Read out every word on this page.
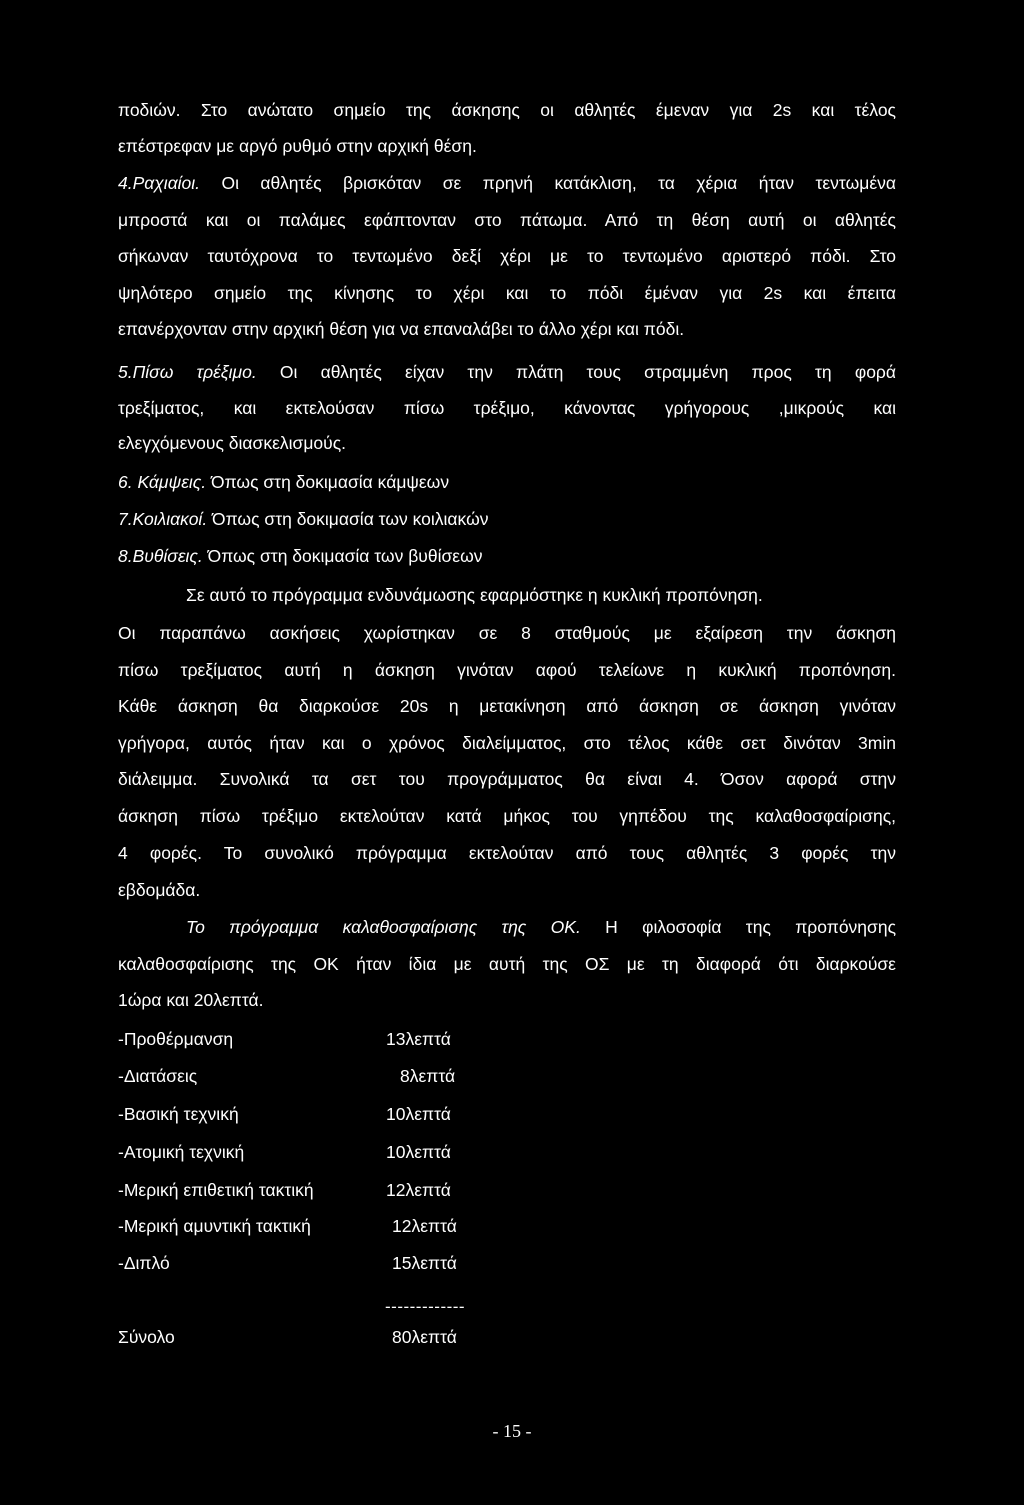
ποδιών. Στο ανώτατο σημείο της άσκησης οι αθλητές έμεναν για 2s και τέλος
επέστρεφαν με αργό ρυθμό στην αρχική θέση.
4.Ραχιαίοι. Οι αθλητές βρισκόταν σε πρηνή κατάκλιση, τα χέρια ήταν τεντωμένα
μπροστά και οι παλάμες εφάπτονταν στο πάτωμα. Από τη θέση αυτή οι αθλητές
σήκωναν ταυτόχρονα το τεντωμένο δεξί χέρι με το τεντωμένο αριστερό πόδι. Στο
ψηλότερο σημείο της κίνησης το χέρι και το πόδι έμέναν για 2s και έπειτα
επανέρχονταν στην αρχική θέση για να επαναλάβει το άλλο χέρι και πόδι.
5.Πίσω τρέξιμο. Οι αθλητές είχαν την πλάτη τους στραμμένη προς τη φορά
τρεξίματος, και εκτελούσαν πίσω τρέξιμο, κάνοντας γρήγορους ,μικρούς και
ελεγχόμενους διασκελισμούς.
6. Κάμψεις. Όπως στη δοκιμασία κάμψεων
7.Κοιλιακοί. Όπως στη δοκιμασία των κοιλιακών
8.Βυθίσεις. Όπως στη δοκιμασία των βυθίσεων
Σε αυτό το πρόγραμμα ενδυνάμωσης εφαρμόστηκε η κυκλική προπόνηση.
Οι παραπάνω ασκήσεις χωρίστηκαν σε 8 σταθμούς με εξαίρεση την άσκηση
πίσω τρεξίματος αυτή η άσκηση γινόταν αφού τελείωνε η κυκλική προπόνηση.
Κάθε άσκηση θα διαρκούσε 20s η μετακίνηση από άσκηση σε άσκηση γινόταν
γρήγορα, αυτός ήταν και ο χρόνος διαλείμματος, στο τέλος κάθε σετ δινόταν 3min
διάλειμμα. Συνολικά τα σετ του προγράμματος θα είναι 4. Όσον αφορά στην
άσκηση πίσω τρέξιμο εκτελούταν κατά μήκος του γηπέδου της καλαθοσφαίρισης,
4 φορές. Το συνολικό πρόγραμμα εκτελούταν από τους αθλητές 3 φορές την
εβδομάδα.
Το πρόγραμμα καλαθοσφαίρισης της ΟΚ. Η φιλοσοφία της προπόνησης
καλαθοσφαίρισης της ΟΚ ήταν ίδια με αυτή της ΟΣ με τη διαφορά ότι διαρκούσε
1ώρα και 20λεπτά.
-Προθέρμανση	13λεπτά
-Διατάσεις	8λεπτά
-Βασική τεχνική	10λεπτά
-Ατομική τεχνική	10λεπτά
-Μερική επιθετική τακτική	12λεπτά
-Μερική αμυντική τακτική	12λεπτά
-Διπλό	15λεπτά
-------------
Σύνολο	80λεπτά
- 15 -
